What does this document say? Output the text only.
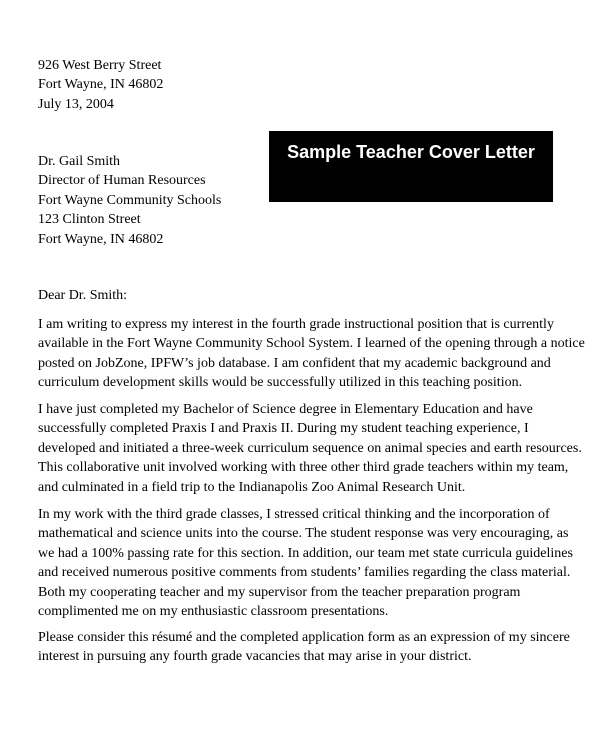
Sample Teacher Cover Letter
926 West Berry Street
Fort Wayne, IN 46802
July 13, 2004
Dr. Gail Smith
Director of Human Resources
Fort Wayne Community Schools
123 Clinton Street
Fort Wayne, IN 46802
Dear Dr. Smith:
I am writing to express my interest in the fourth grade instructional position that is currently
available in the Fort Wayne Community School System. I learned of the opening through a notice
posted on JobZone, IPFW’s job database. I am confident that my academic background and
curriculum development skills would be successfully utilized in this teaching position.
I have just completed my Bachelor of Science degree in Elementary Education and have
successfully completed Praxis I and Praxis II. During my student teaching experience, I
developed and initiated a three-week curriculum sequence on animal species and earth resources.
This collaborative unit involved working with three other third grade teachers within my team,
and culminated in a field trip to the Indianapolis Zoo Animal Research Unit.
In my work with the third grade classes, I stressed critical thinking and the incorporation of
mathematical and science units into the course. The student response was very encouraging, as
we had a 100% passing rate for this section. In addition, our team met state curricula guidelines
and received numerous positive comments from students’ families regarding the class material.
Both my cooperating teacher and my supervisor from the teacher preparation program
complimented me on my enthusiastic classroom presentations.
Please consider this résumé and the completed application form as an expression of my sincere
interest in pursuing any fourth grade vacancies that may arise in your district.
